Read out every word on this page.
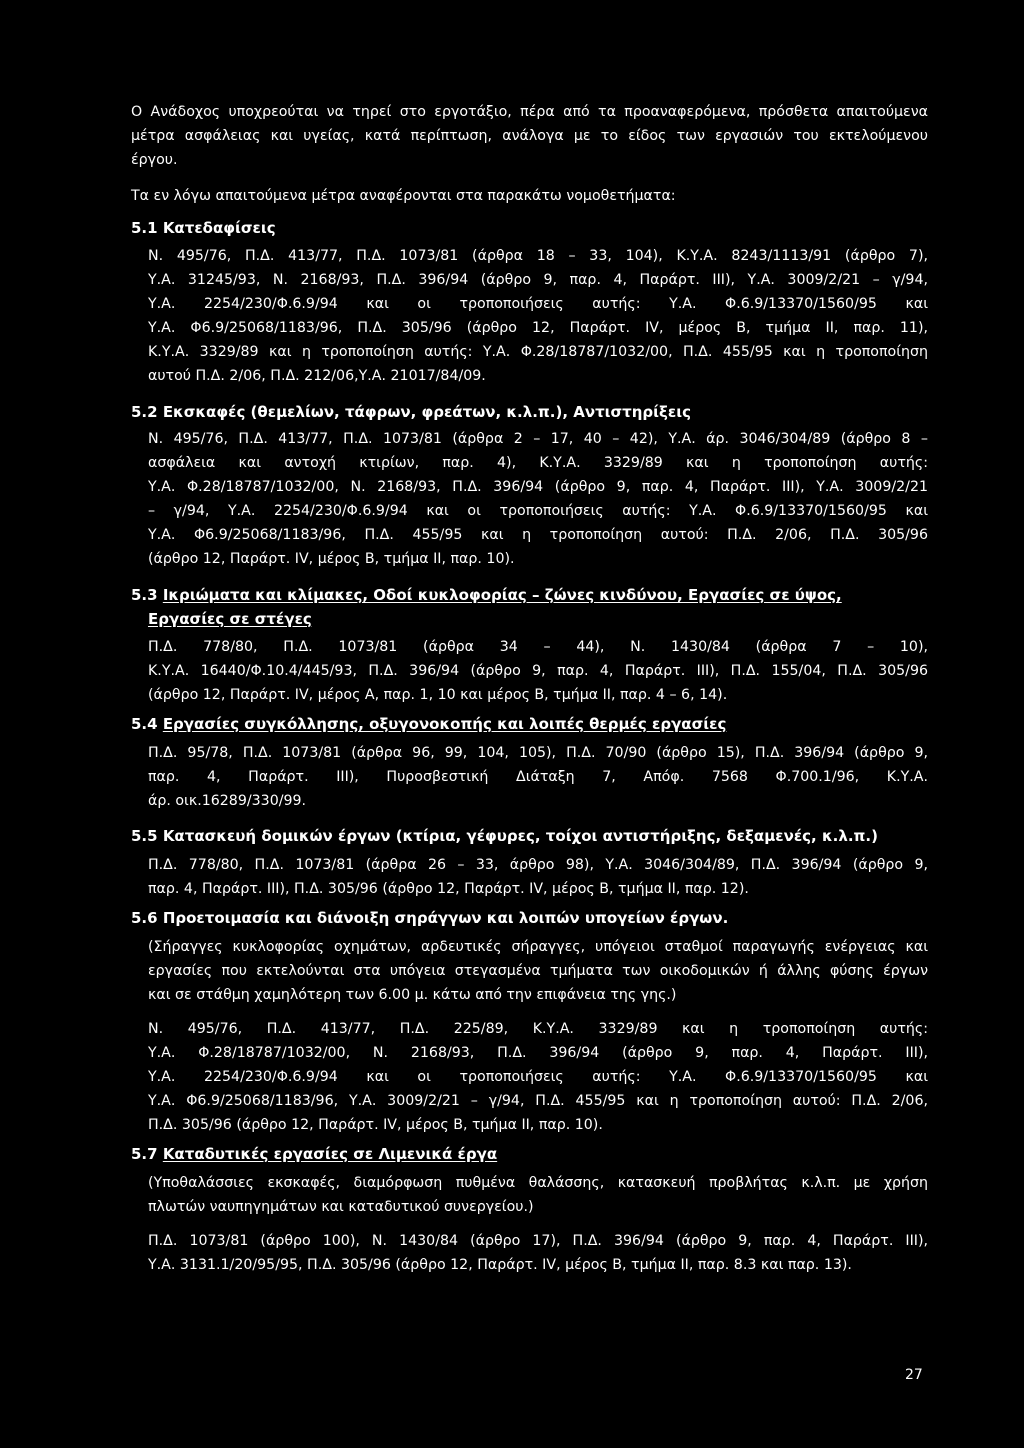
Ο Ανάδοχος υποχρεούται να τηρεί στο εργοτάξιο, πέρα από τα προαναφερόμενα, πρόσθετα απαιτούμενα
μέτρα ασφάλειας και υγείας, κατά περίπτωση, ανάλογα με το είδος των εργασιών του εκτελούμενου
έργου.
Τα εν λόγω απαιτούμενα μέτρα αναφέρονται στα παρακάτω νομοθετήματα:
5.1 Κατεδαφίσεις
Ν. 495/76, Π.Δ. 413/77, Π.Δ. 1073/81 (άρθρα 18 – 33, 104), Κ.Υ.Α. 8243/1113/91 (άρθρο 7),
Υ.Α. 31245/93, Ν. 2168/93, Π.Δ. 396/94 (άρθρο 9, παρ. 4, Παράρτ. ΙΙΙ), Υ.Α. 3009/2/21 – γ/94,
Υ.Α. 2254/230/Φ.6.9/94 και οι τροποποιήσεις αυτής: Υ.Α. Φ.6.9/13370/1560/95 και
Υ.Α. Φ6.9/25068/1183/96, Π.Δ. 305/96 (άρθρο 12, Παράρτ. IV, μέρος Β, τμήμα ΙΙ, παρ. 11),
Κ.Υ.Α. 3329/89 και η τροποποίηση αυτής: Υ.Α. Φ.28/18787/1032/00, Π.Δ. 455/95 και η τροποποίηση
αυτού Π.Δ. 2/06, Π.Δ. 212/06,Υ.Α. 21017/84/09.
5.2 Εκσκαφές (θεμελίων, τάφρων, φρεάτων, κ.λ.π.), Αντιστηρίξεις
Ν. 495/76, Π.Δ. 413/77, Π.Δ. 1073/81 (άρθρα 2 – 17, 40 – 42), Υ.Α. άρ. 3046/304/89 (άρθρο 8 –
ασφάλεια και αντοχή κτιρίων, παρ. 4), Κ.Υ.Α. 3329/89 και η τροποποίηση αυτής:
Υ.Α. Φ.28/18787/1032/00, Ν. 2168/93, Π.Δ. 396/94 (άρθρο 9, παρ. 4, Παράρτ. ΙΙΙ), Υ.Α. 3009/2/21
– γ/94, Υ.Α. 2254/230/Φ.6.9/94 και οι τροποποιήσεις αυτής: Υ.Α. Φ.6.9/13370/1560/95 και
Υ.Α. Φ6.9/25068/1183/96, Π.Δ. 455/95 και η τροποποίηση αυτού: Π.Δ. 2/06, Π.Δ. 305/96
(άρθρο 12, Παράρτ. IV, μέρος Β, τμήμα ΙΙ, παρ. 10).
5.3 Ικριώματα και κλίμακες, Οδοί κυκλοφορίας – ζώνες κινδύνου, Εργασίες σε ύψος,
Εργασίες σε στέγες
Π.Δ. 778/80, Π.Δ. 1073/81 (άρθρα 34 – 44), Ν. 1430/84 (άρθρα 7 – 10),
Κ.Υ.Α. 16440/Φ.10.4/445/93, Π.Δ. 396/94 (άρθρο 9, παρ. 4, Παράρτ. ΙΙΙ), Π.Δ. 155/04, Π.Δ. 305/96
(άρθρο 12, Παράρτ. IV, μέρος Α, παρ. 1, 10 και μέρος Β, τμήμα ΙΙ, παρ. 4 – 6, 14).
5.4 Εργασίες συγκόλλησης, οξυγονοκοπής και λοιπές θερμές εργασίες
Π.Δ. 95/78, Π.Δ. 1073/81 (άρθρα 96, 99, 104, 105), Π.Δ. 70/90 (άρθρο 15), Π.Δ. 396/94 (άρθρο 9,
παρ. 4, Παράρτ. ΙΙΙ), Πυροσβεστική Διάταξη 7, Απόφ. 7568 Φ.700.1/96, Κ.Υ.Α.
άρ. οικ.16289/330/99.
5.5 Κατασκευή δομικών έργων (κτίρια, γέφυρες, τοίχοι αντιστήριξης, δεξαμενές, κ.λ.π.)
Π.Δ. 778/80, Π.Δ. 1073/81 (άρθρα 26 – 33, άρθρο 98), Υ.Α. 3046/304/89, Π.Δ. 396/94 (άρθρο 9,
παρ. 4, Παράρτ. ΙΙΙ), Π.Δ. 305/96 (άρθρο 12, Παράρτ. IV, μέρος Β, τμήμα ΙΙ, παρ. 12).
5.6 Προετοιμασία και διάνοιξη σηράγγων και λοιπών υπογείων έργων.
(Σήραγγες κυκλοφορίας οχημάτων, αρδευτικές σήραγγες, υπόγειοι σταθμοί παραγωγής ενέργειας και
εργασίες που εκτελούνται στα υπόγεια στεγασμένα τμήματα των οικοδομικών ή άλλης φύσης έργων
και σε στάθμη χαμηλότερη των 6.00 μ. κάτω από την επιφάνεια της γης.)
Ν. 495/76, Π.Δ. 413/77, Π.Δ. 225/89, Κ.Υ.Α. 3329/89 και η τροποποίηση αυτής:
Υ.Α. Φ.28/18787/1032/00, Ν. 2168/93, Π.Δ. 396/94 (άρθρο 9, παρ. 4, Παράρτ. ΙΙΙ),
Υ.Α. 2254/230/Φ.6.9/94 και οι τροποποιήσεις αυτής: Υ.Α. Φ.6.9/13370/1560/95 και
Υ.Α. Φ6.9/25068/1183/96, Υ.Α. 3009/2/21 – γ/94, Π.Δ. 455/95 και η τροποποίηση αυτού: Π.Δ. 2/06,
Π.Δ. 305/96 (άρθρο 12, Παράρτ. IV, μέρος Β, τμήμα ΙΙ, παρ. 10).
5.7 Καταδυτικές εργασίες σε Λιμενικά έργα
(Υποθαλάσσιες εκσκαφές, διαμόρφωση πυθμένα θαλάσσης, κατασκευή προβλήτας κ.λ.π. με χρήση
πλωτών ναυπηγημάτων και καταδυτικού συνεργείου.)
Π.Δ. 1073/81 (άρθρο 100), Ν. 1430/84 (άρθρο 17), Π.Δ. 396/94 (άρθρο 9, παρ. 4, Παράρτ. ΙΙΙ),
Υ.Α. 3131.1/20/95/95, Π.Δ. 305/96 (άρθρο 12, Παράρτ. IV, μέρος Β, τμήμα ΙΙ, παρ. 8.3 και παρ. 13).
27
